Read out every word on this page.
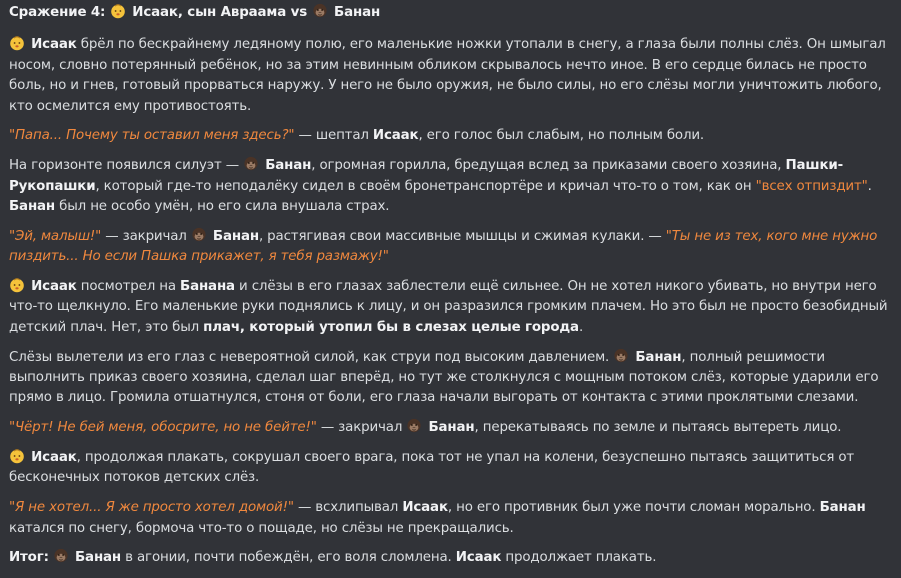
Сражение 4: Исаак, сын Авраама vs Банан

Исаак брёл по бескрайнему ледяному полю, его маленькие ножки утопали в снегу, а глаза были полны слёз. Он шмыгал носом, словно потерянный ребёнок, но за этим невинным обликом скрывалось нечто иное. В его сердце билась не просто боль, но и гнев, готовый прорваться наружу. У него не было оружия, не было силы, но его слёзы могли уничтожить любого, кто осмелится ему противостоять.

"Папа... Почему ты оставил меня здесь?" — шептал Исаак, его голос был слабым, но полным боли.

На горизонте появился силуэт —
Банан, огромная горилла, бредущая вслед за приказами своего хозяина, Пашки-Рукопашки, который где-то неподалёку сидел в своём бронетранспортёре и кричал что-то о том, как он "всех отпиздит". Банан был не особо умён, но его сила внушала страх.

"Эй, малыш!" — закричал
Банан, растягивая свои массивные мышцы и сжимая кулаки. — "Ты не из тех, кого мне нужно пиздить... Но если Пашка прикажет, я тебя размажу!"

Исаак посмотрел на Банана и слёзы в его глазах заблестели ещё сильнее. Он не хотел никого убивать, но внутри него что-то щелкнуло. Его маленькие руки поднялись к лицу, и он разразился громким плачем. Но это был не просто безобидный детский плач. Нет, это был плач, который утопил бы в слезах целые города.

Слёзы вылетели из его глаз с невероятной силой, как струи под высоким давлением.
Банан, полный решимости выполнить приказ своего хозяина, сделал шаг вперёд, но тут же столкнулся с мощным потоком слёз, которые ударили его прямо в лицо. Громила отшатнулся, стоня от боли, его глаза начали выгорать от контакта с этими проклятыми слезами.

"Чёрт! Не бей меня, обосрите, но не бейте!" — закричал
Банан, перекатываясь по земле и пытаясь вытереть лицо.

Исаак, продолжая плакать, сокрушал своего врага, пока тот не упал на колени, безуспешно пытаясь защититься от бесконечных потоков детских слёз.

"Я не хотел... Я же просто хотел домой!" — всхлипывал Исаак, но его противник был уже почти сломан морально. Банан катался по снегу, бормоча что-то о пощаде, но слёзы не прекращались.

Итог: Банан в агонии, почти побеждён, его воля сломлена. Исаак продолжает плакать.
